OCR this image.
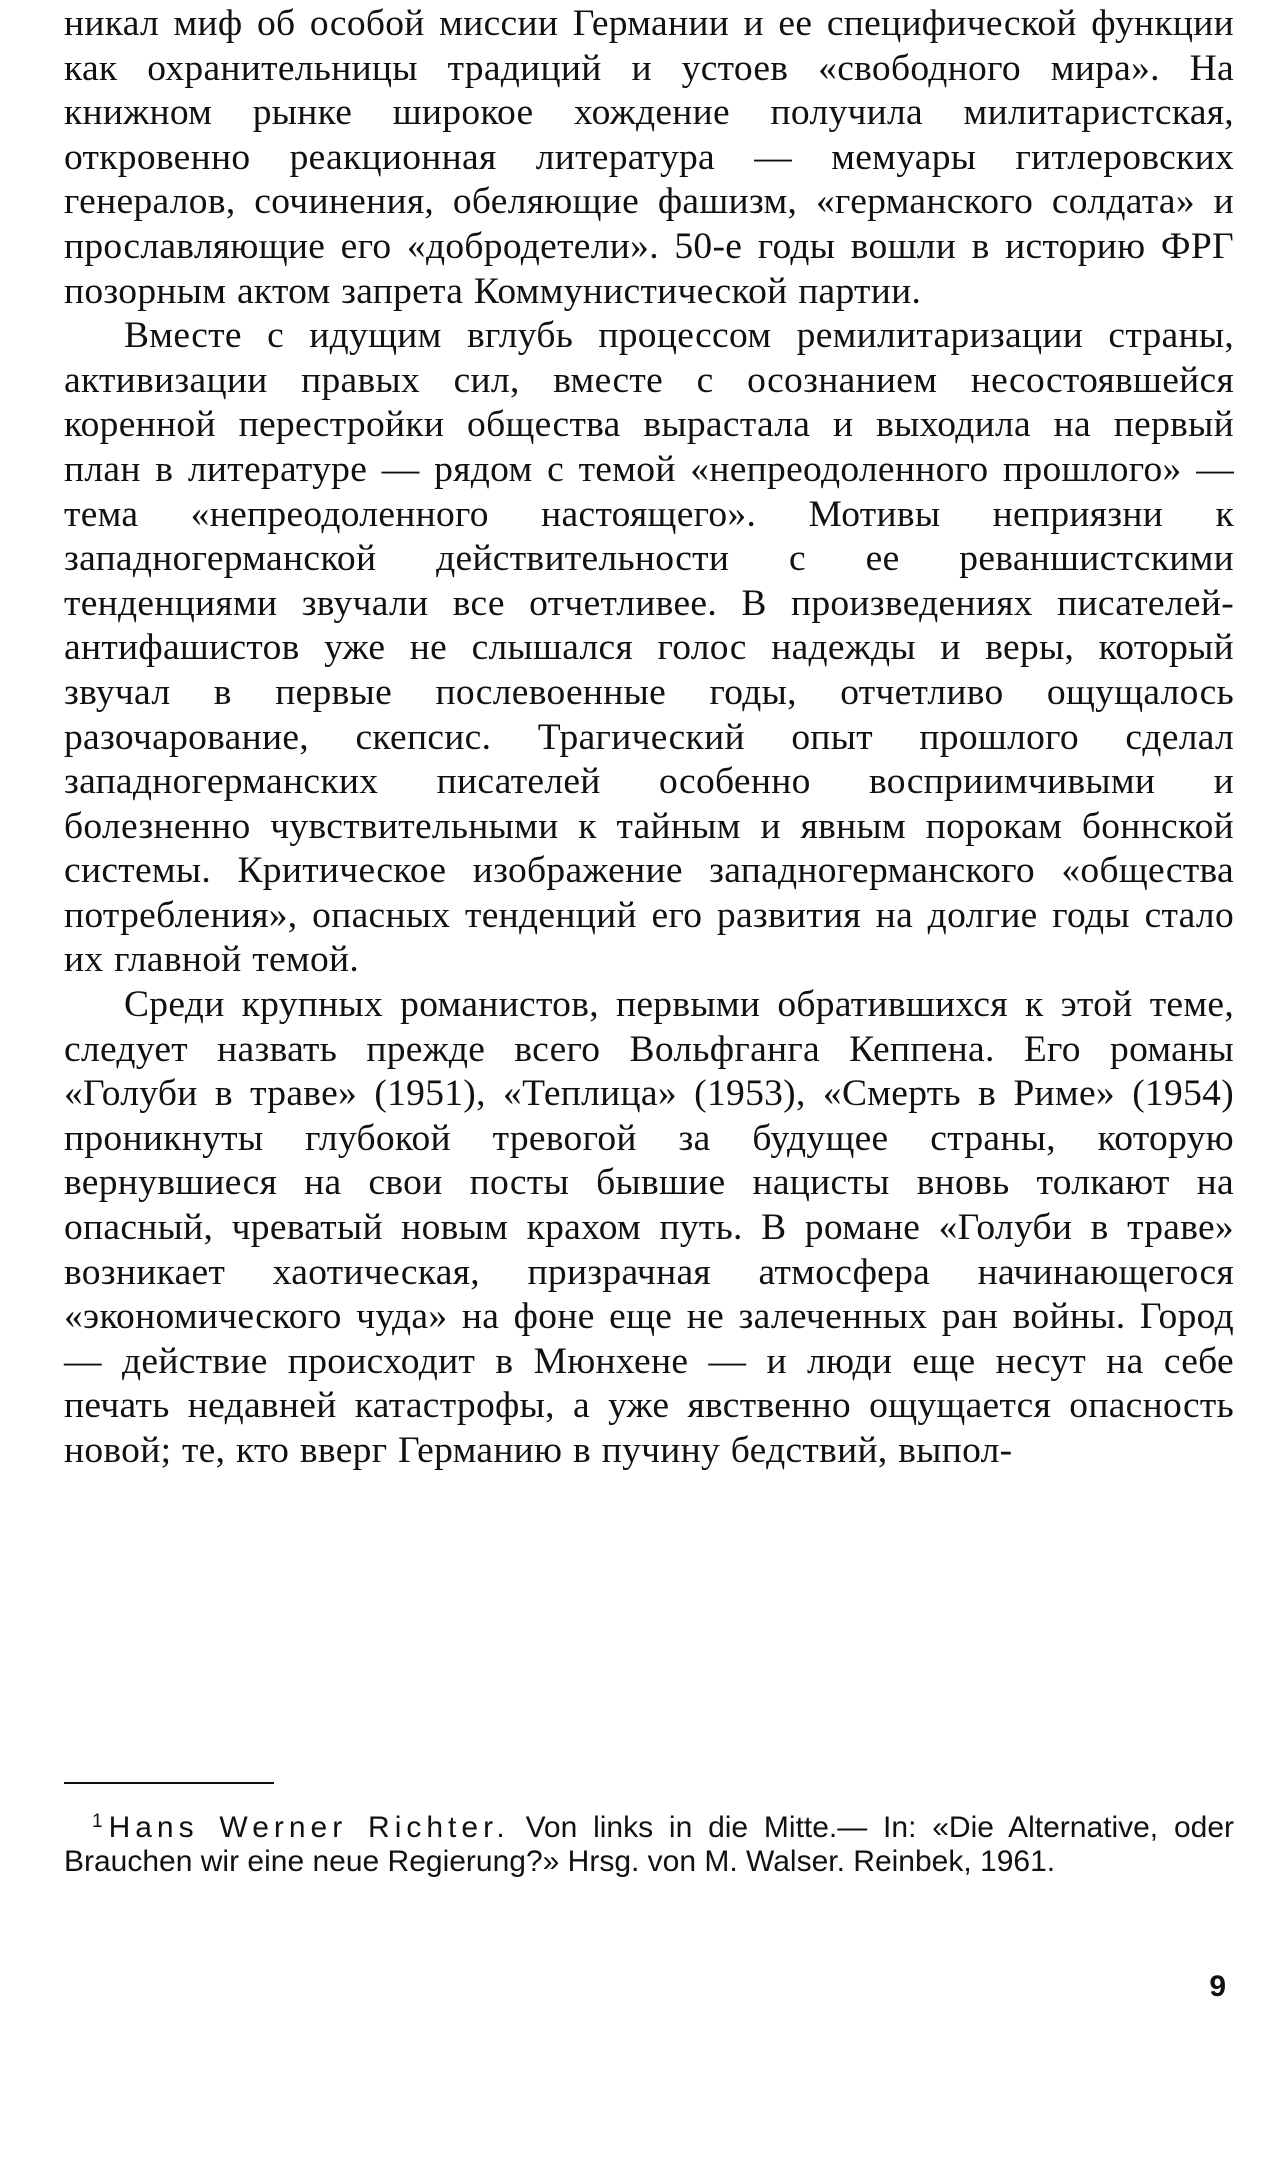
никал миф об особой миссии Германии и ее специфической функции как охранительницы традиций и устоев «свободного мира». На книжном рынке широкое хождение получила милитаристская, откровенно реакционная литература — мемуары гитлеровских генералов, сочинения, обеляющие фашизм, «германского солдата» и прославляющие его «добродетели». 50-е годы вошли в историю ФРГ позорным актом запрета Коммунистической партии.

Вместе с идущим вглубь процессом ремилитаризации страны, активизации правых сил, вместе с осознанием несостоявшейся коренной перестройки общества вырастала и выходила на первый план в литературе — рядом с темой «непреодоленного прошлого» — тема «непреодоленного настоящего». Мотивы неприязни к западногерманской действительности с ее реваншистскими тенденциями звучали все отчетливее. В произведениях писателей-антифашистов уже не слышался голос надежды и веры, который звучал в первые послевоенные годы, отчетливо ощущалось разочарование, скепсис. Трагический опыт прошлого сделал западногерманских писателей особенно восприимчивыми и болезненно чувствительными к тайным и явным порокам боннской системы. Критическое изображение западногерманского «общества потребления», опасных тенденций его развития на долгие годы стало их главной темой.

Среди крупных романистов, первыми обратившихся к этой теме, следует назвать прежде всего Вольфганга Кеппена. Его романы «Голуби в траве» (1951), «Теплица» (1953), «Смерть в Риме» (1954) проникнуты глубокой тревогой за будущее страны, которую вернувшиеся на свои посты бывшие нацисты вновь толкают на опасный, чреватый новым крахом путь. В романе «Голуби в траве» возникает хаотическая, призрачная атмосфера начинающегося «экономического чуда» на фоне еще не залеченных ран войны. Город — действие происходит в Мюнхене — и люди еще несут на себе печать недавней катастрофы, а уже явственно ощущается опасность новой; те, кто вверг Германию в пучину бедствий, выпол-

$^1$ Hans Werner Richter. Von links in die Mitte.— In: «Die Alternative, oder Brauchen wir eine neue Regierung?» Hrsg. von M. Walser. Reinbek, 1961.
9
